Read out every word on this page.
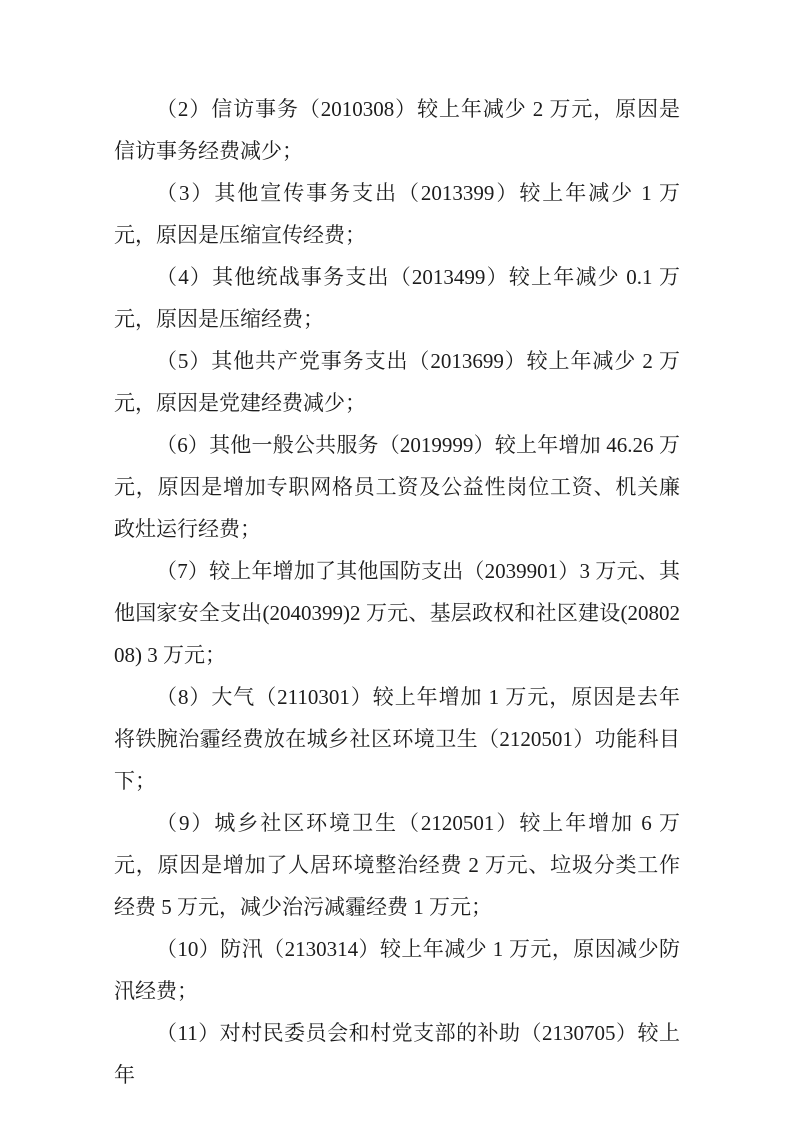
（2）信访事务（2010308）较上年减少 2 万元，原因是信访事务经费减少；

（3）其他宣传事务支出（2013399）较上年减少 1 万元，原因是压缩宣传经费；

（4）其他统战事务支出（2013499）较上年减少 0.1 万元，原因是压缩经费；

（5）其他共产党事务支出（2013699）较上年减少 2 万元，原因是党建经费减少；

（6）其他一般公共服务（2019999）较上年增加 46.26 万元，原因是增加专职网格员工资及公益性岗位工资、机关廉政灶运行经费；

（7）较上年增加了其他国防支出（2039901）3 万元、其他国家安全支出(2040399)2 万元、基层政权和社区建设(2080208) 3 万元；

（8）大气（2110301）较上年增加 1 万元，原因是去年将铁腕治霾经费放在城乡社区环境卫生（2120501）功能科目下；

（9）城乡社区环境卫生（2120501）较上年增加 6 万元，原因是增加了人居环境整治经费 2 万元、垃圾分类工作经费 5 万元，减少治污减霾经费 1 万元；

（10）防汛（2130314）较上年减少 1 万元，原因减少防汛经费；

（11）对村民委员会和村党支部的补助（2130705）较上年
